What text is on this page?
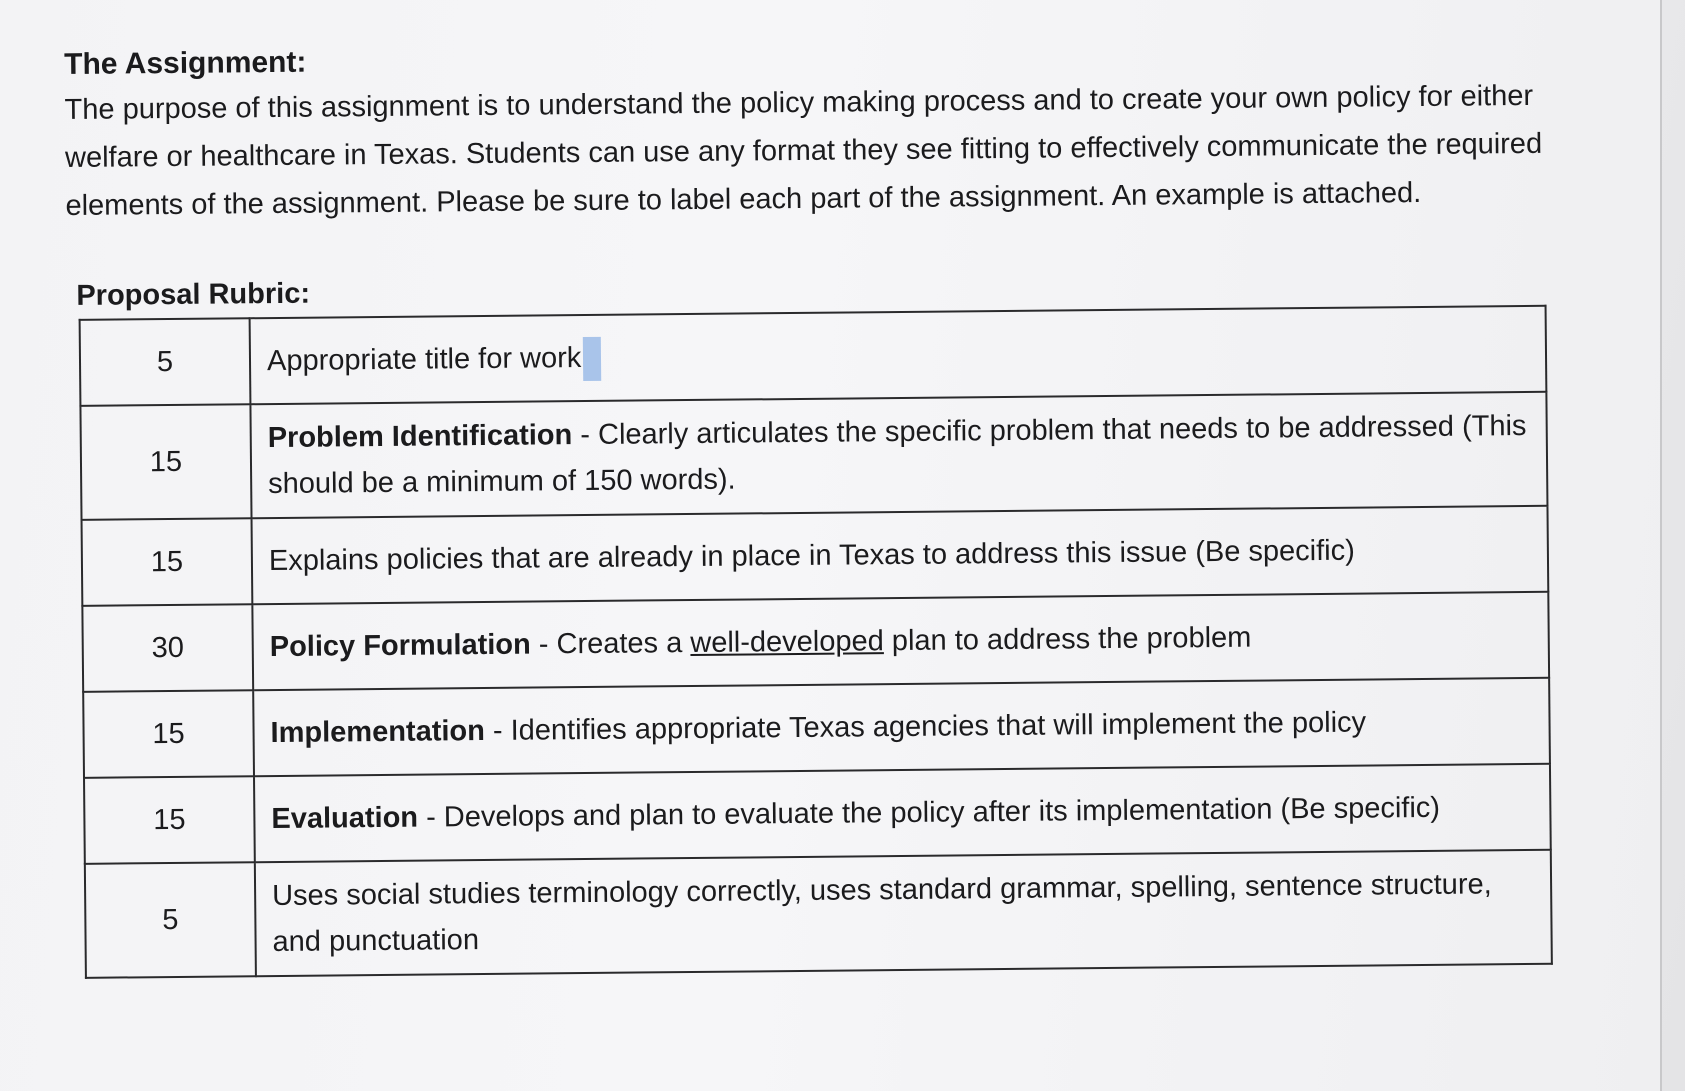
The Assignment:

The purpose of this assignment is to understand the policy making process and to create your own policy for either welfare or healthcare in Texas. Students can use any format they see fitting to effectively communicate the required elements of the assignment. Please be sure to label each part of the assignment. An example is attached.

Proposal Rubric:
5	Appropriate title for work
15	Problem Identification - Clearly articulates the specific problem that needs to be addressed (This should be a minimum of 150 words).
15	Explains policies that are already in place in Texas to address this issue (Be specific)
30	Policy Formulation - Creates a well-developed plan to address the problem
15	Implementation - Identifies appropriate Texas agencies that will implement the policy
15	Evaluation - Develops and plan to evaluate the policy after its implementation (Be specific)
5	Uses social studies terminology correctly, uses standard grammar, spelling, sentence structure, and punctuation
